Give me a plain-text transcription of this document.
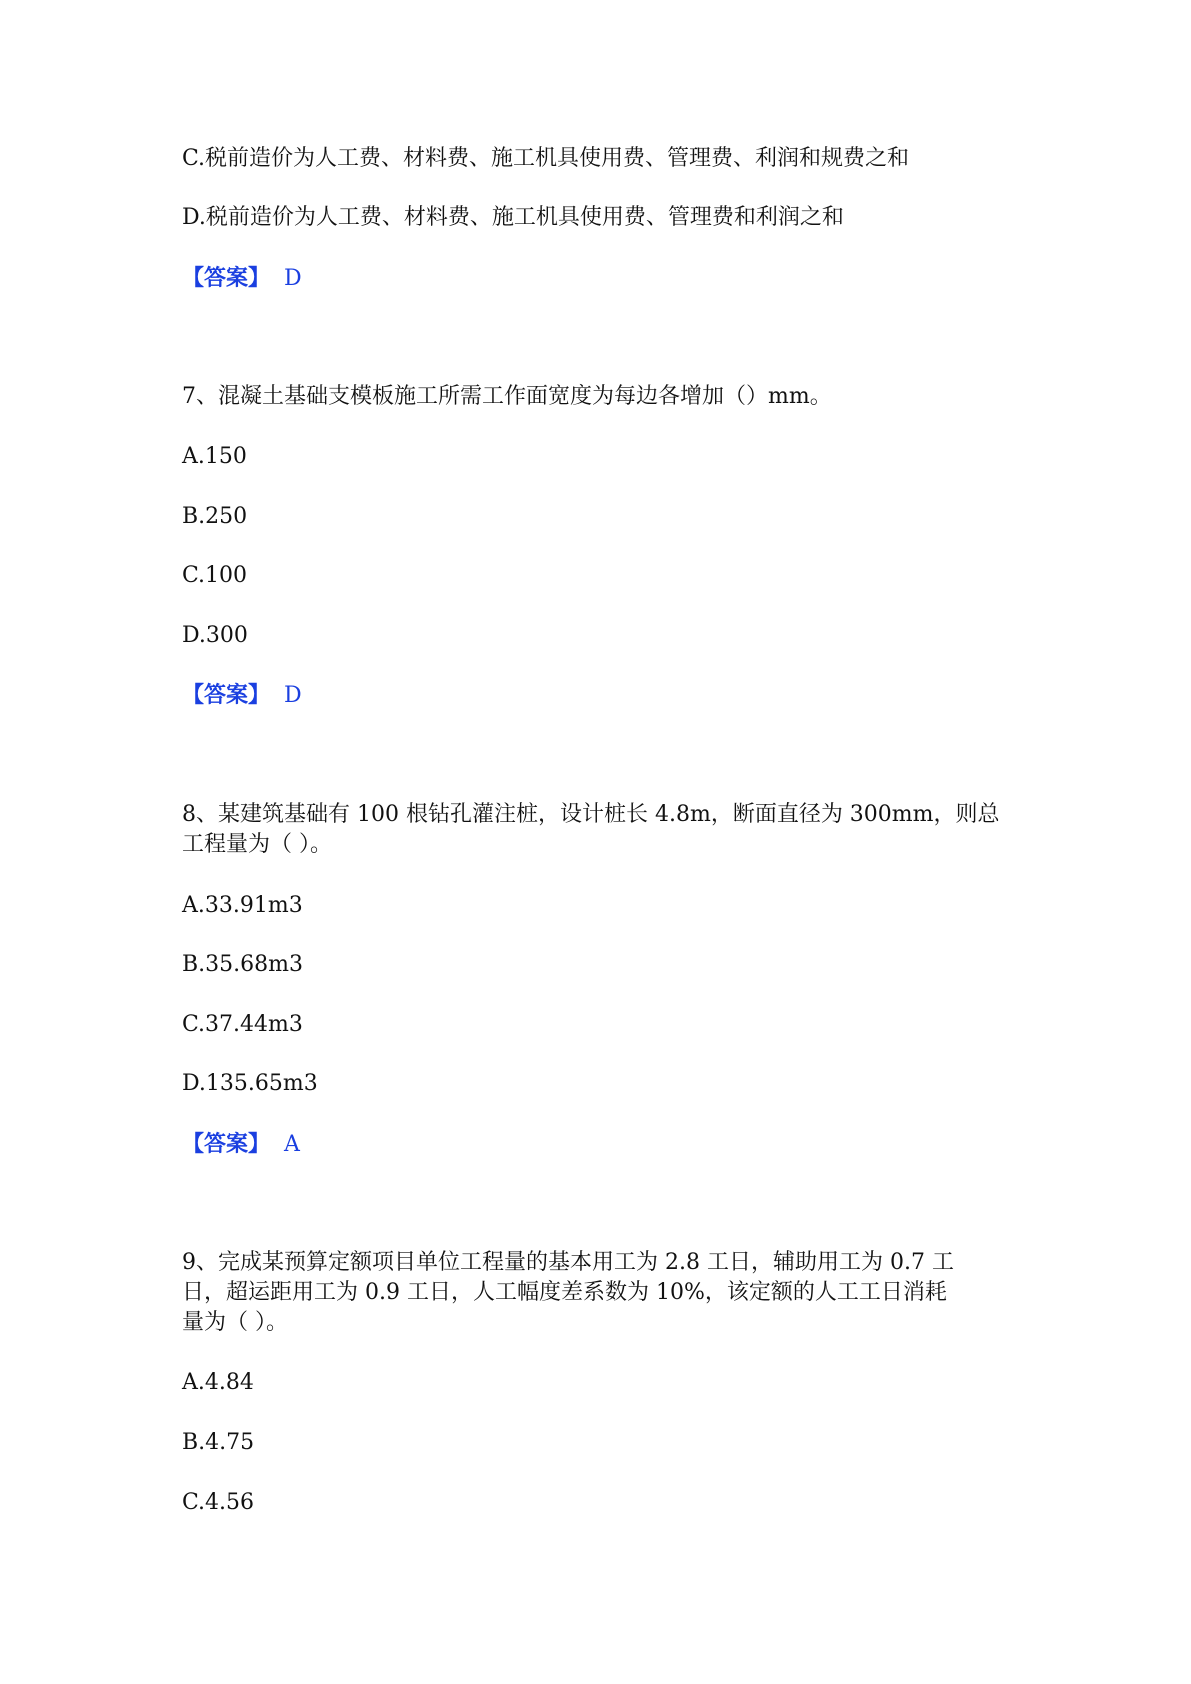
C.税前造价为人工费、材料费、施工机具使用费、管理费、利润和规费之和

D.税前造价为人工费、材料费、施工机具使用费、管理费和利润之和

【答案】 D

7、混凝土基础支模板施工所需工作面宽度为每边各增加（）mm。

A.150

B.250

C.100

D.300

【答案】 D

8、某建筑基础有 100 根钻孔灌注桩，设计桩长 4.8m，断面直径为 300mm，则总

工程量为（ ）。

A.33.91m3

B.35.68m3

C.37.44m3

D.135.65m3

【答案】 A

9、完成某预算定额项目单位工程量的基本用工为 2.8 工日，辅助用工为 0.7 工

日，超运距用工为 0.9 工日，人工幅度差系数为 10%，该定额的人工工日消耗

量为（ ）。

A.4.84

B.4.75

C.4.56
